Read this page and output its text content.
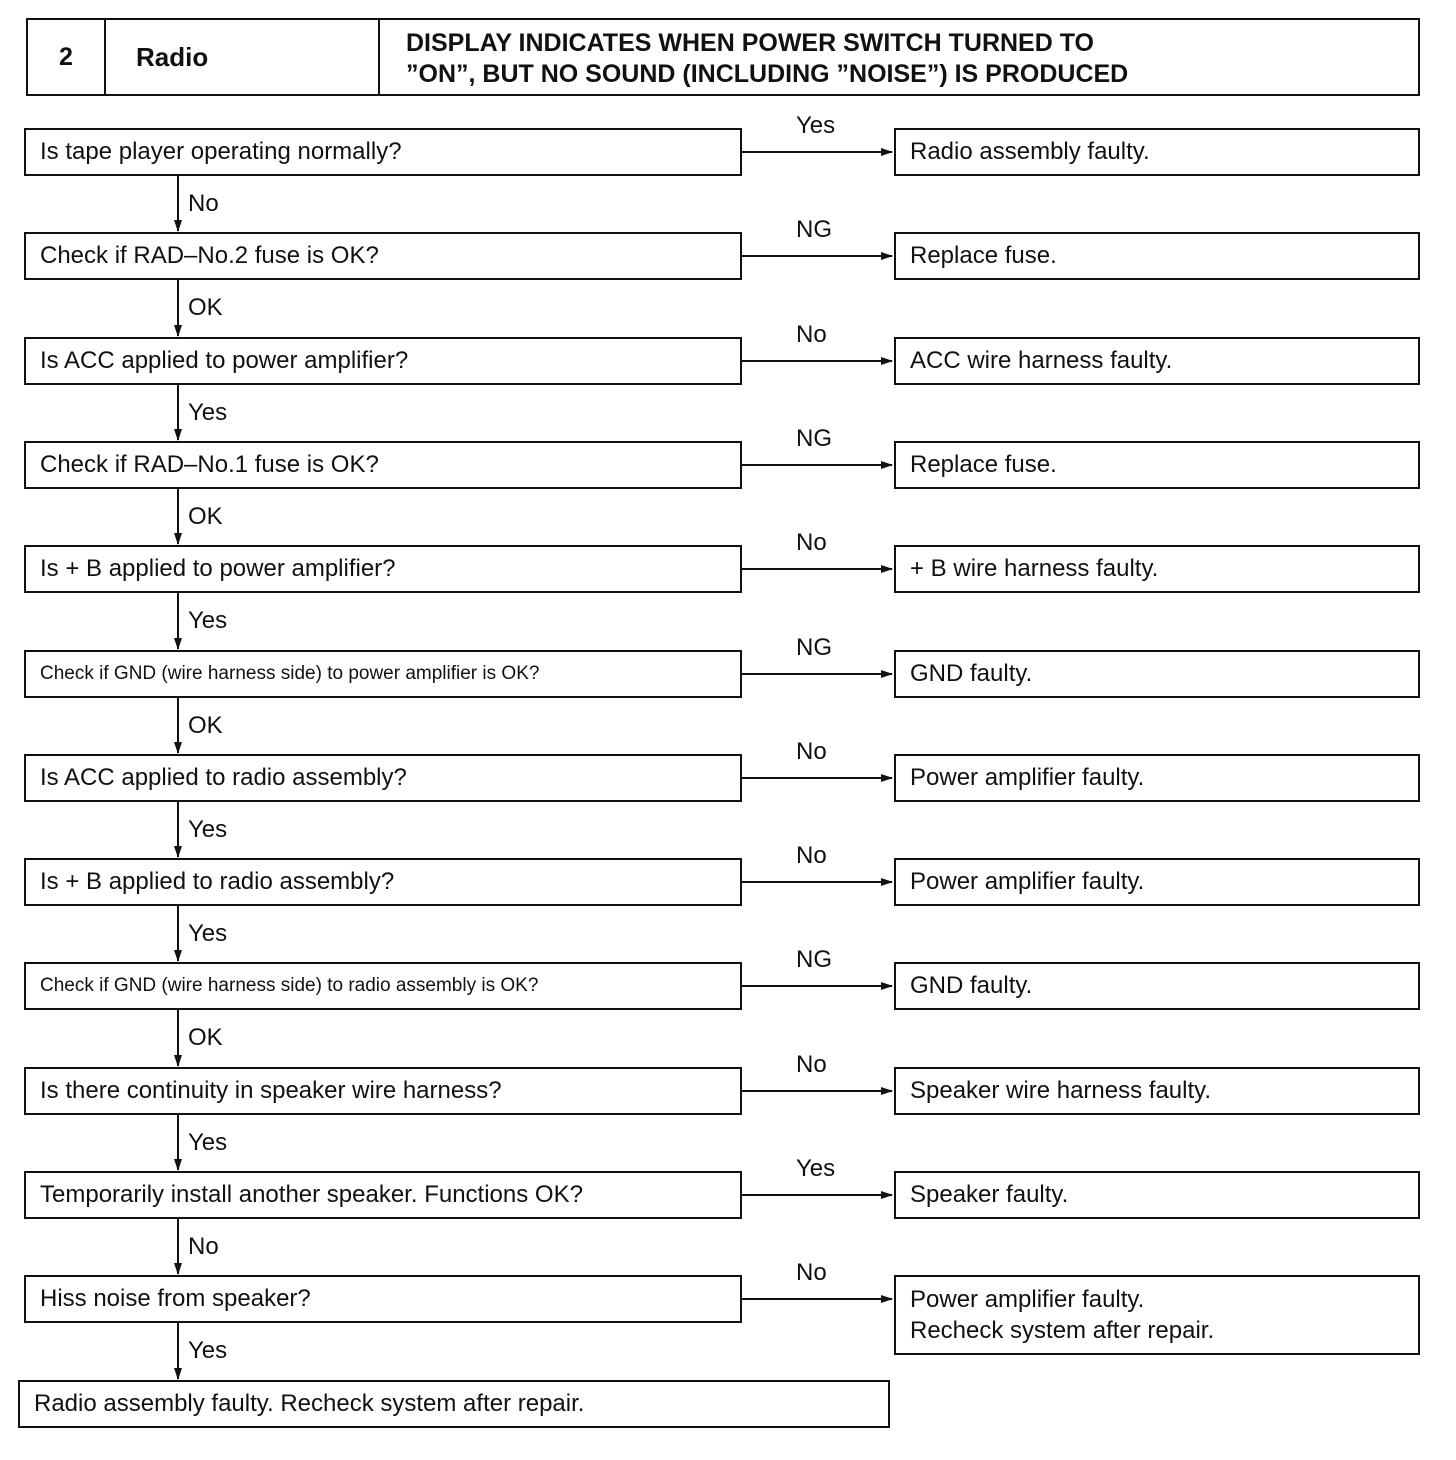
2	Radio	DISPLAY INDICATES WHEN POWER SWITCH TURNED TO
”ON”, BUT NO SOUND (INCLUDING ”NOISE”) IS PRODUCED
Is tape player operating normally?	Radio assembly faulty.
Yes
No
Check if RAD–No.2 fuse is OK?	Replace fuse.
NG
OK
Is ACC applied to power amplifier?	ACC wire harness faulty.
No
Yes
Check if RAD–No.1 fuse is OK?	Replace fuse.
NG
OK
Is + B applied to power amplifier?	+ B wire harness faulty.
No
Yes
Check if GND (wire harness side) to power amplifier is OK?	GND faulty.
NG
OK
Is ACC applied to radio assembly?	Power amplifier faulty.
No
Yes
Is + B applied to radio assembly?	Power amplifier faulty.
No
Yes
Check if GND (wire harness side) to radio assembly is OK?	GND faulty.
NG
OK
Is there continuity in speaker wire harness?	Speaker wire harness faulty.
No
Yes
Temporarily install another speaker. Functions OK?	Speaker faulty.
Yes
No
Hiss noise from speaker?	Power amplifier faulty.
Recheck system after repair.
No
Yes
Radio assembly faulty. Recheck system after repair.
